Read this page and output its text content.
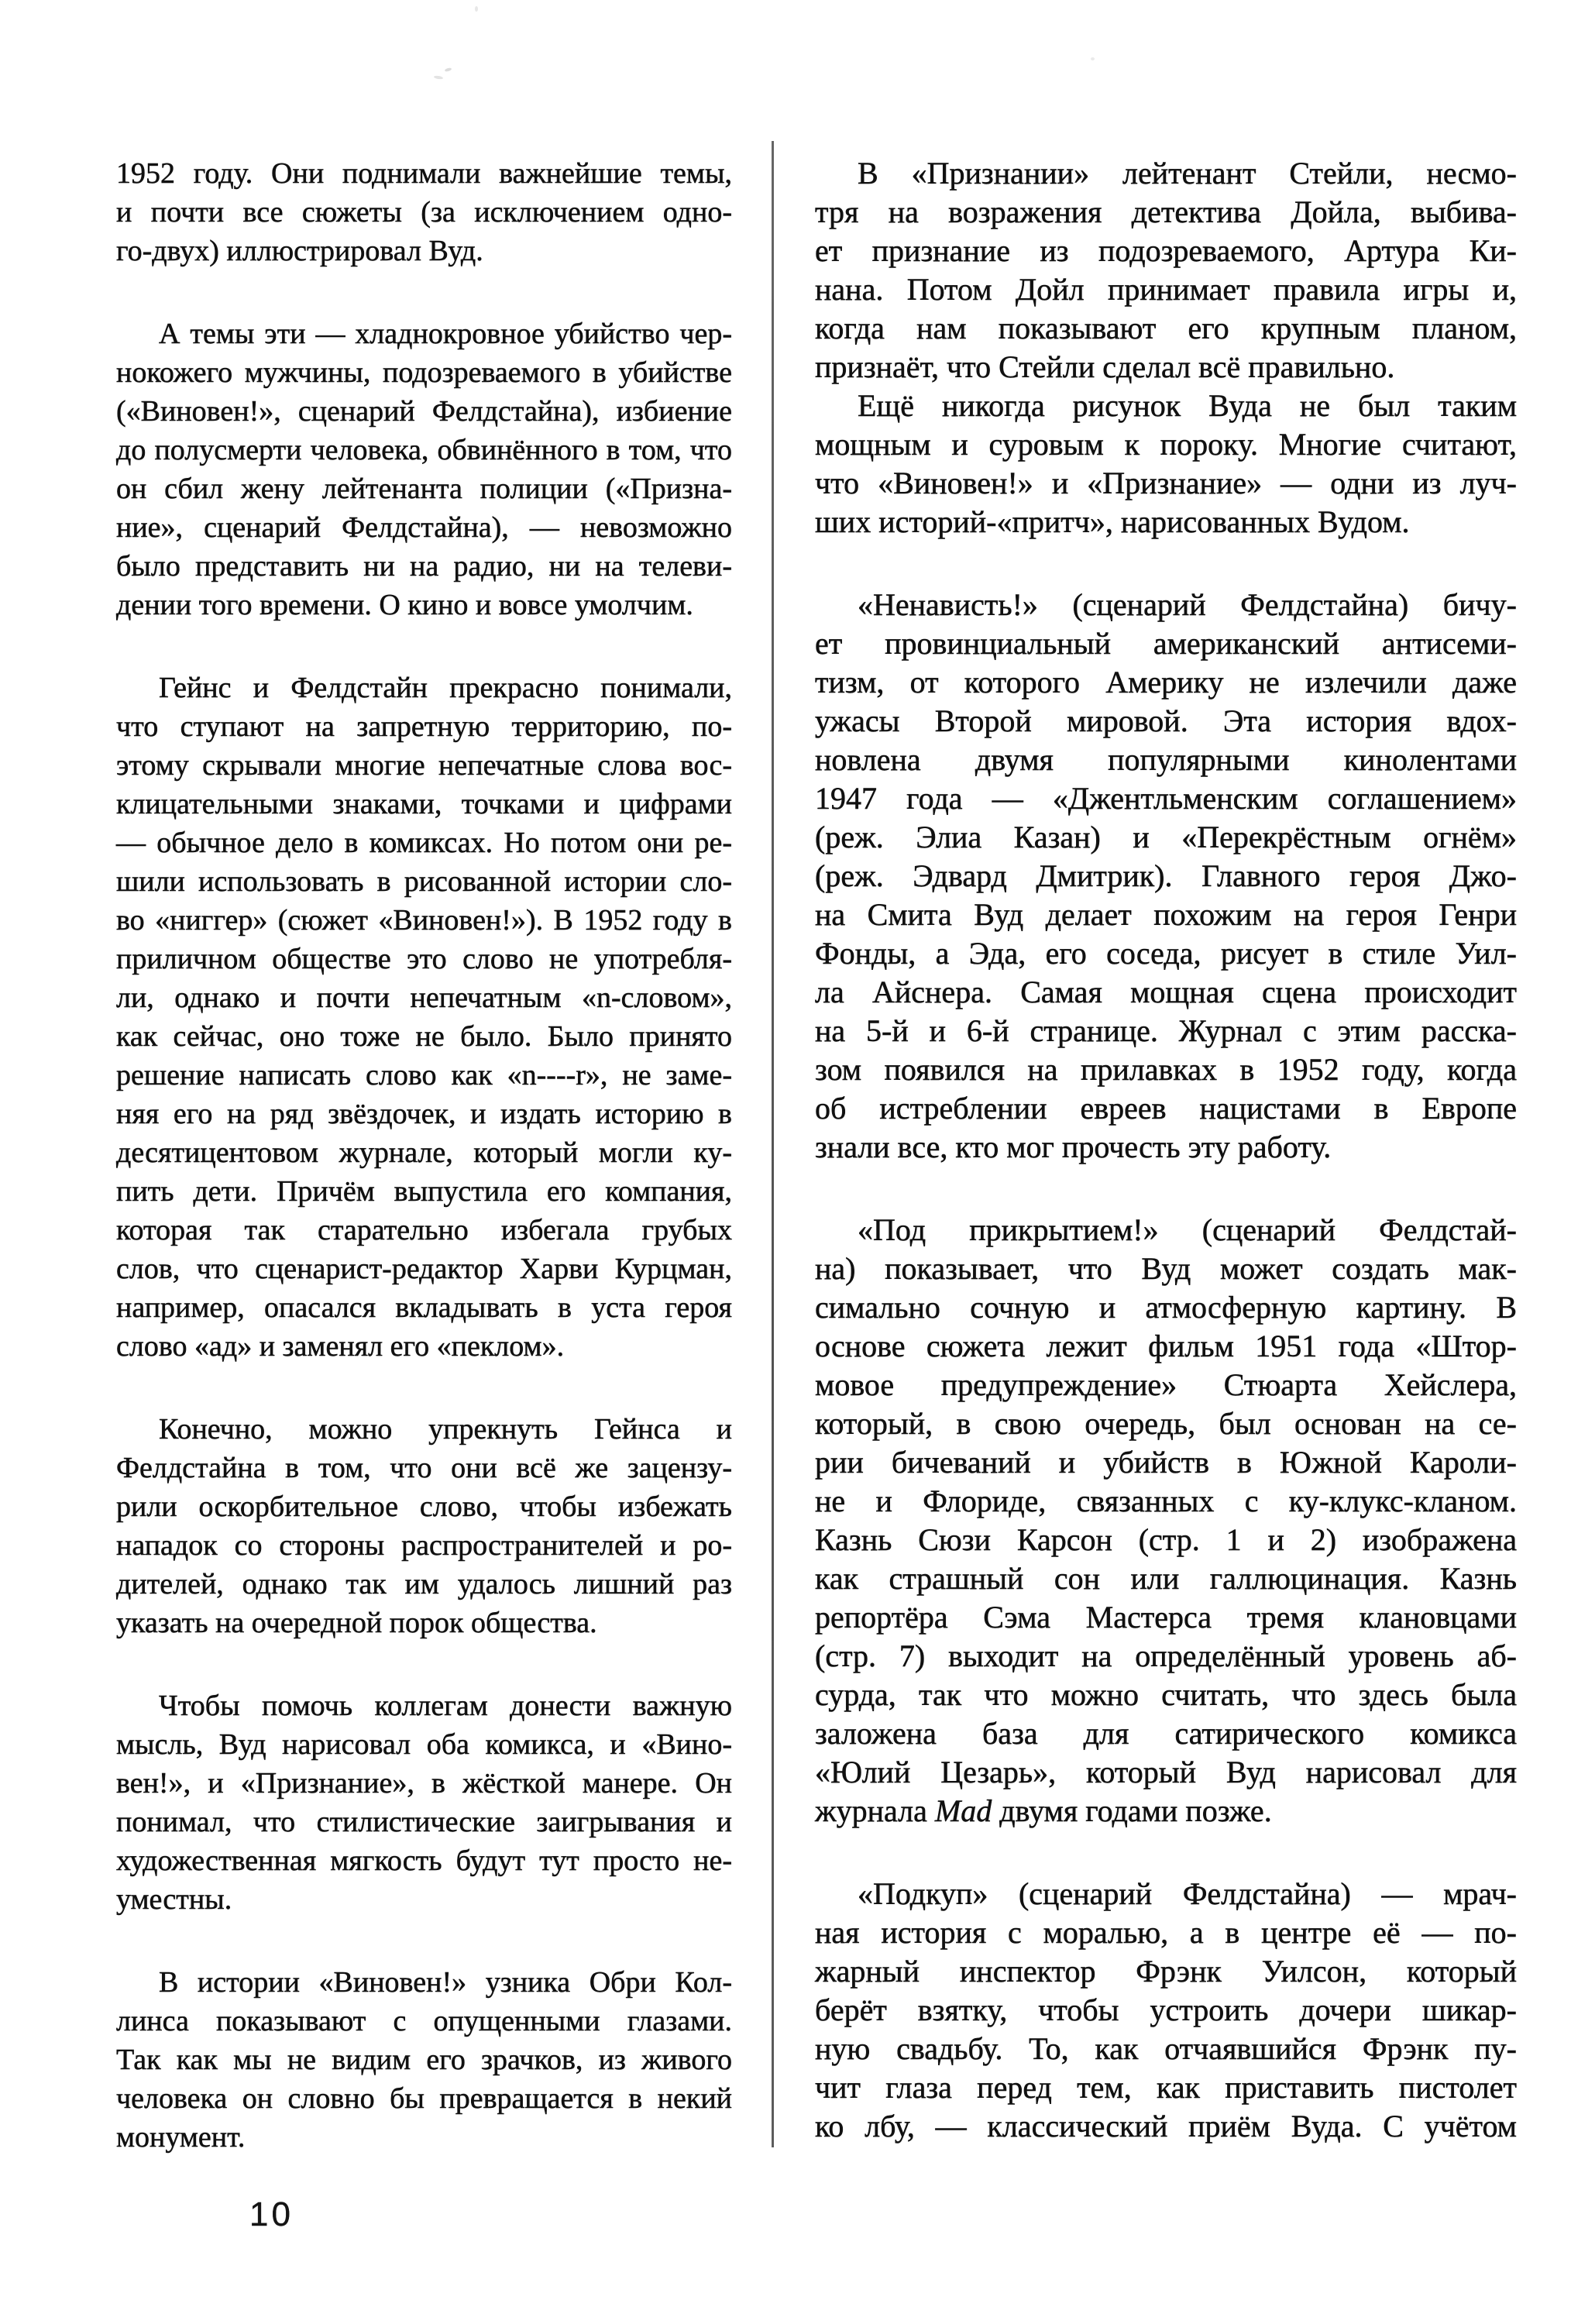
1952 году. Они поднимали важнейшие темы,
и почти все сюжеты (за исключением одно-
го-двух) иллюстрировал Вуд.
А темы эти — хладнокровное убийство чер-
нокожего мужчины, подозреваемого в убийстве
(«Виновен!», сценарий Фелдстайна), избиение
до полусмерти человека, обвинённого в том, что
он сбил жену лейтенанта полиции («Призна-
ние», сценарий Фелдстайна), — невозможно
было представить ни на радио, ни на телеви-
дении того времени. О кино и вовсе умолчим.
Гейнс и Фелдстайн прекрасно понимали,
что ступают на запретную территорию, по-
этому скрывали многие непечатные слова вос-
клицательными знаками, точками и цифрами
— обычное дело в комиксах. Но потом они ре-
шили использовать в рисованной истории сло-
во «ниггер» (сюжет «Виновен!»). В 1952 году в
приличном обществе это слово не употребля-
ли, однако и почти непечатным «n-словом»,
как сейчас, оно тоже не было. Было принято
решение написать слово как «n----r», не заме-
няя его на ряд звёздочек, и издать историю в
десятицентовом журнале, который могли ку-
пить дети. Причём выпустила его компания,
которая так старательно избегала грубых
слов, что сценарист-редактор Харви Курцман,
например, опасался вкладывать в уста героя
слово «ад» и заменял его «пеклом».
Конечно, можно упрекнуть Гейнса и
Фелдстайна в том, что они всё же зацензу-
рили оскорбительное слово, чтобы избежать
нападок со стороны распространителей и ро-
дителей, однако так им удалось лишний раз
указать на очередной порок общества.
Чтобы помочь коллегам донести важную
мысль, Вуд нарисовал оба комикса, и «Вино-
вен!», и «Признание», в жёсткой манере. Он
понимал, что стилистические заигрывания и
художественная мягкость будут тут просто не-
уместны.
В истории «Виновен!» узника Обри Кол-
линса показывают с опущенными глазами.
Так как мы не видим его зрачков, из живого
человека он словно бы превращается в некий
монумент.
В «Признании» лейтенант Стейли, несмо-
тря на возражения детектива Дойла, выбива-
ет признание из подозреваемого, Артура Ки-
нана. Потом Дойл принимает правила игры и,
когда нам показывают его крупным планом,
признаёт, что Стейли сделал всё правильно.
Ещё никогда рисунок Вуда не был таким
мощным и суровым к пороку. Многие считают,
что «Виновен!» и «Признание» — одни из луч-
ших историй-«притч», нарисованных Вудом.
«Ненависть!» (сценарий Фелдстайна) бичу-
ет провинциальный американский антисеми-
тизм, от которого Америку не излечили даже
ужасы Второй мировой. Эта история вдох-
новлена двумя популярными кинолентами
1947 года — «Джентльменским соглашением»
(реж. Элиа Казан) и «Перекрёстным огнём»
(реж. Эдвард Дмитрик). Главного героя Джо-
на Смита Вуд делает похожим на героя Генри
Фонды, а Эда, его соседа, рисует в стиле Уил-
ла Айснера. Самая мощная сцена происходит
на 5-й и 6-й странице. Журнал с этим расска-
зом появился на прилавках в 1952 году, когда
об истреблении евреев нацистами в Европе
знали все, кто мог прочесть эту работу.
«Под прикрытием!» (сценарий Фелдстай-
на) показывает, что Вуд может создать мак-
симально сочную и атмосферную картину. В
основе сюжета лежит фильм 1951 года «Штор-
мовое предупреждение» Стюарта Хейслера,
который, в свою очередь, был основан на се-
рии бичеваний и убийств в Южной Кароли-
не и Флориде, связанных с ку-клукс-кланом.
Казнь Сюзи Карсон (стр. 1 и 2) изображена
как страшный сон или галлюцинация. Казнь
репортёра Сэма Мастерса тремя клановцами
(стр. 7) выходит на определённый уровень аб-
сурда, так что можно считать, что здесь была
заложена база для сатирического комикса
«Юлий Цезарь», который Вуд нарисовал для
журнала Mad двумя годами позже.
«Подкуп» (сценарий Фелдстайна) — мрач-
ная история с моралью, а в центре её — по-
жарный инспектор Фрэнк Уилсон, который
берёт взятку, чтобы устроить дочери шикар-
ную свадьбу. То, как отчаявшийся Фрэнк пу-
чит глаза перед тем, как приставить пистолет
ко лбу, — классический приём Вуда. С учётом
10
